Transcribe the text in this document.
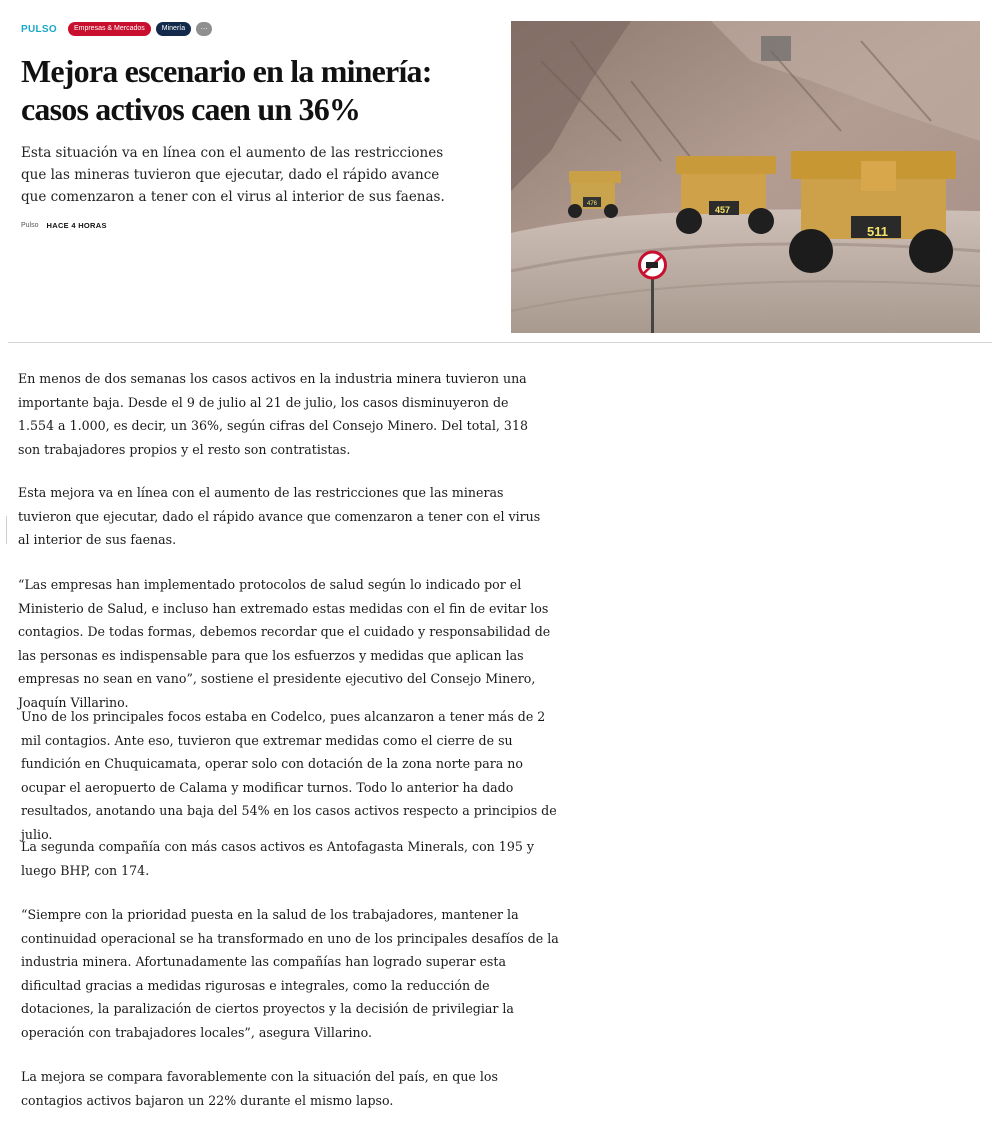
PULSO	Empresas & Mercados	Minería	...
Mejora escenario en la minería: casos activos caen un 36%

Esta situación va en línea con el aumento de las restricciones que las mineras tuvieron que ejecutar, dado el rápido avance que comenzaron a tener con el virus al interior de sus faenas.

Pulso HACE 4 HORAS
476
457
511

En menos de dos semanas los casos activos en la industria minera tuvieron una importante baja. Desde el 9 de julio al 21 de julio, los casos disminuyeron de 1.554 a 1.000, es decir, un 36%, según cifras del Consejo Minero. Del total, 318 son trabajadores propios y el resto son contratistas.

Esta mejora va en línea con el aumento de las restricciones que las mineras tuvieron que ejecutar, dado el rápido avance que comenzaron a tener con el virus al interior de sus faenas.

“Las empresas han implementado protocolos de salud según lo indicado por el Ministerio de Salud, e incluso han extremado estas medidas con el fin de evitar los contagios. De todas formas, debemos recordar que el cuidado y responsabilidad de las personas es indispensable para que los esfuerzos y medidas que aplican las empresas no sean en vano”, sostiene el presidente ejecutivo del Consejo Minero, Joaquín Villarino.

Uno de los principales focos estaba en Codelco, pues alcanzaron a tener más de 2 mil contagios. Ante eso, tuvieron que extremar medidas como el cierre de su fundición en Chuquicamata, operar solo con dotación de la zona norte para no ocupar el aeropuerto de Calama y modificar turnos. Todo lo anterior ha dado resultados, anotando una baja del 54% en los casos activos respecto a principios de julio.

La segunda compañía con más casos activos es Antofagasta Minerals, con 195 y luego BHP, con 174.

“Siempre con la prioridad puesta en la salud de los trabajadores, mantener la continuidad operacional se ha transformado en uno de los principales desafíos de la industria minera. Afortunadamente las compañías han logrado superar esta dificultad gracias a medidas rigurosas e integrales, como la reducción de dotaciones, la paralización de ciertos proyectos y la decisión de privilegiar la operación con trabajadores locales”, asegura Villarino.

La mejora se compara favorablemente con la situación del país, en que los contagios activos bajaron un 22% durante el mismo lapso.
